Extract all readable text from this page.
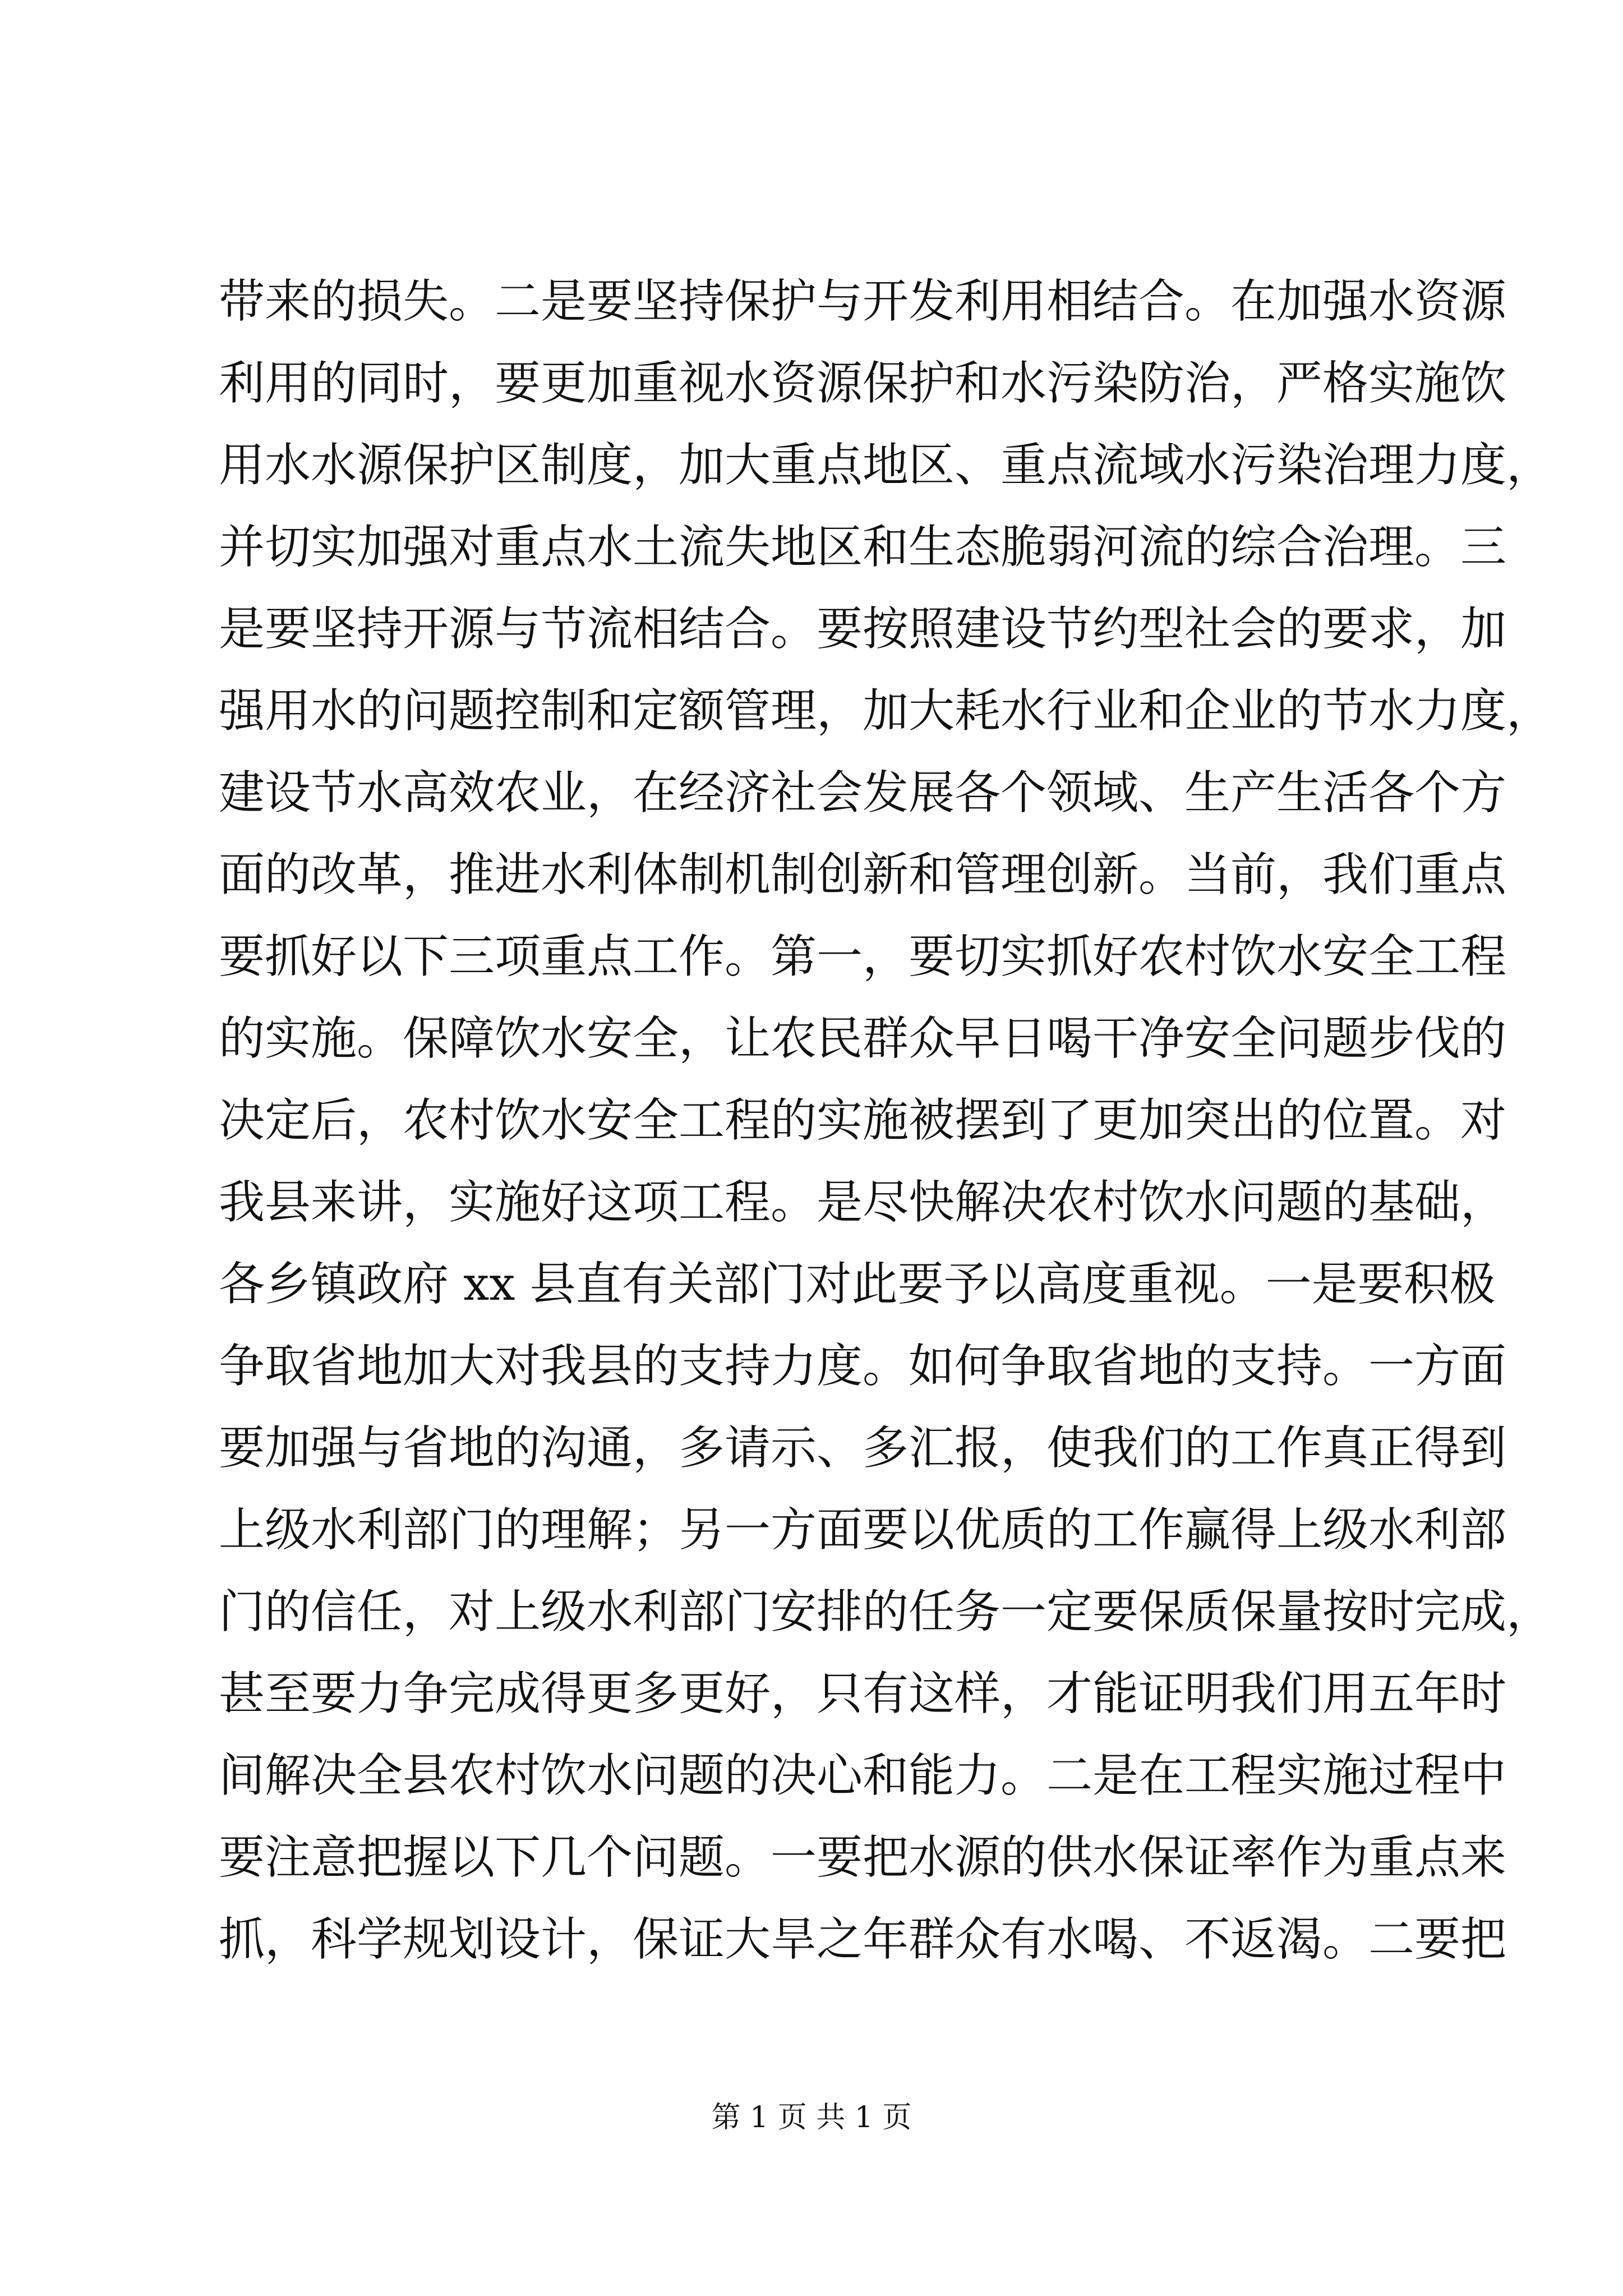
带来的损失。二是要坚持保护与开发利用相结合。在加强水资源
利用的同时，要更加重视水资源保护和水污染防治，严格实施饮
用水水源保护区制度，加大重点地区、重点流域水污染治理力度，
并切实加强对重点水土流失地区和生态脆弱河流的综合治理。三
是要坚持开源与节流相结合。要按照建设节约型社会的要求，加
强用水的问题控制和定额管理，加大耗水行业和企业的节水力度，
建设节水高效农业，在经济社会发展各个领域、生产生活各个方
面的改革，推进水利体制机制创新和管理创新。当前，我们重点
要抓好以下三项重点工作。第一，要切实抓好农村饮水安全工程
的实施。保障饮水安全，让农民群众早日喝干净安全问题步伐的
决定后，农村饮水安全工程的实施被摆到了更加突出的位置。对
我县来讲，实施好这项工程。是尽快解决农村饮水问题的基础，
各乡镇政府 xx 县直有关部门对此要予以高度重视。一是要积极
争取省地加大对我县的支持力度。如何争取省地的支持。一方面
要加强与省地的沟通，多请示、多汇报，使我们的工作真正得到
上级水利部门的理解；另一方面要以优质的工作赢得上级水利部
门的信任，对上级水利部门安排的任务一定要保质保量按时完成，
甚至要力争完成得更多更好，只有这样，才能证明我们用五年时
间解决全县农村饮水问题的决心和能力。二是在工程实施过程中
要注意把握以下几个问题。一要把水源的供水保证率作为重点来
抓，科学规划设计，保证大旱之年群众有水喝、不返渴。二要把
第 1 页 共 1 页
